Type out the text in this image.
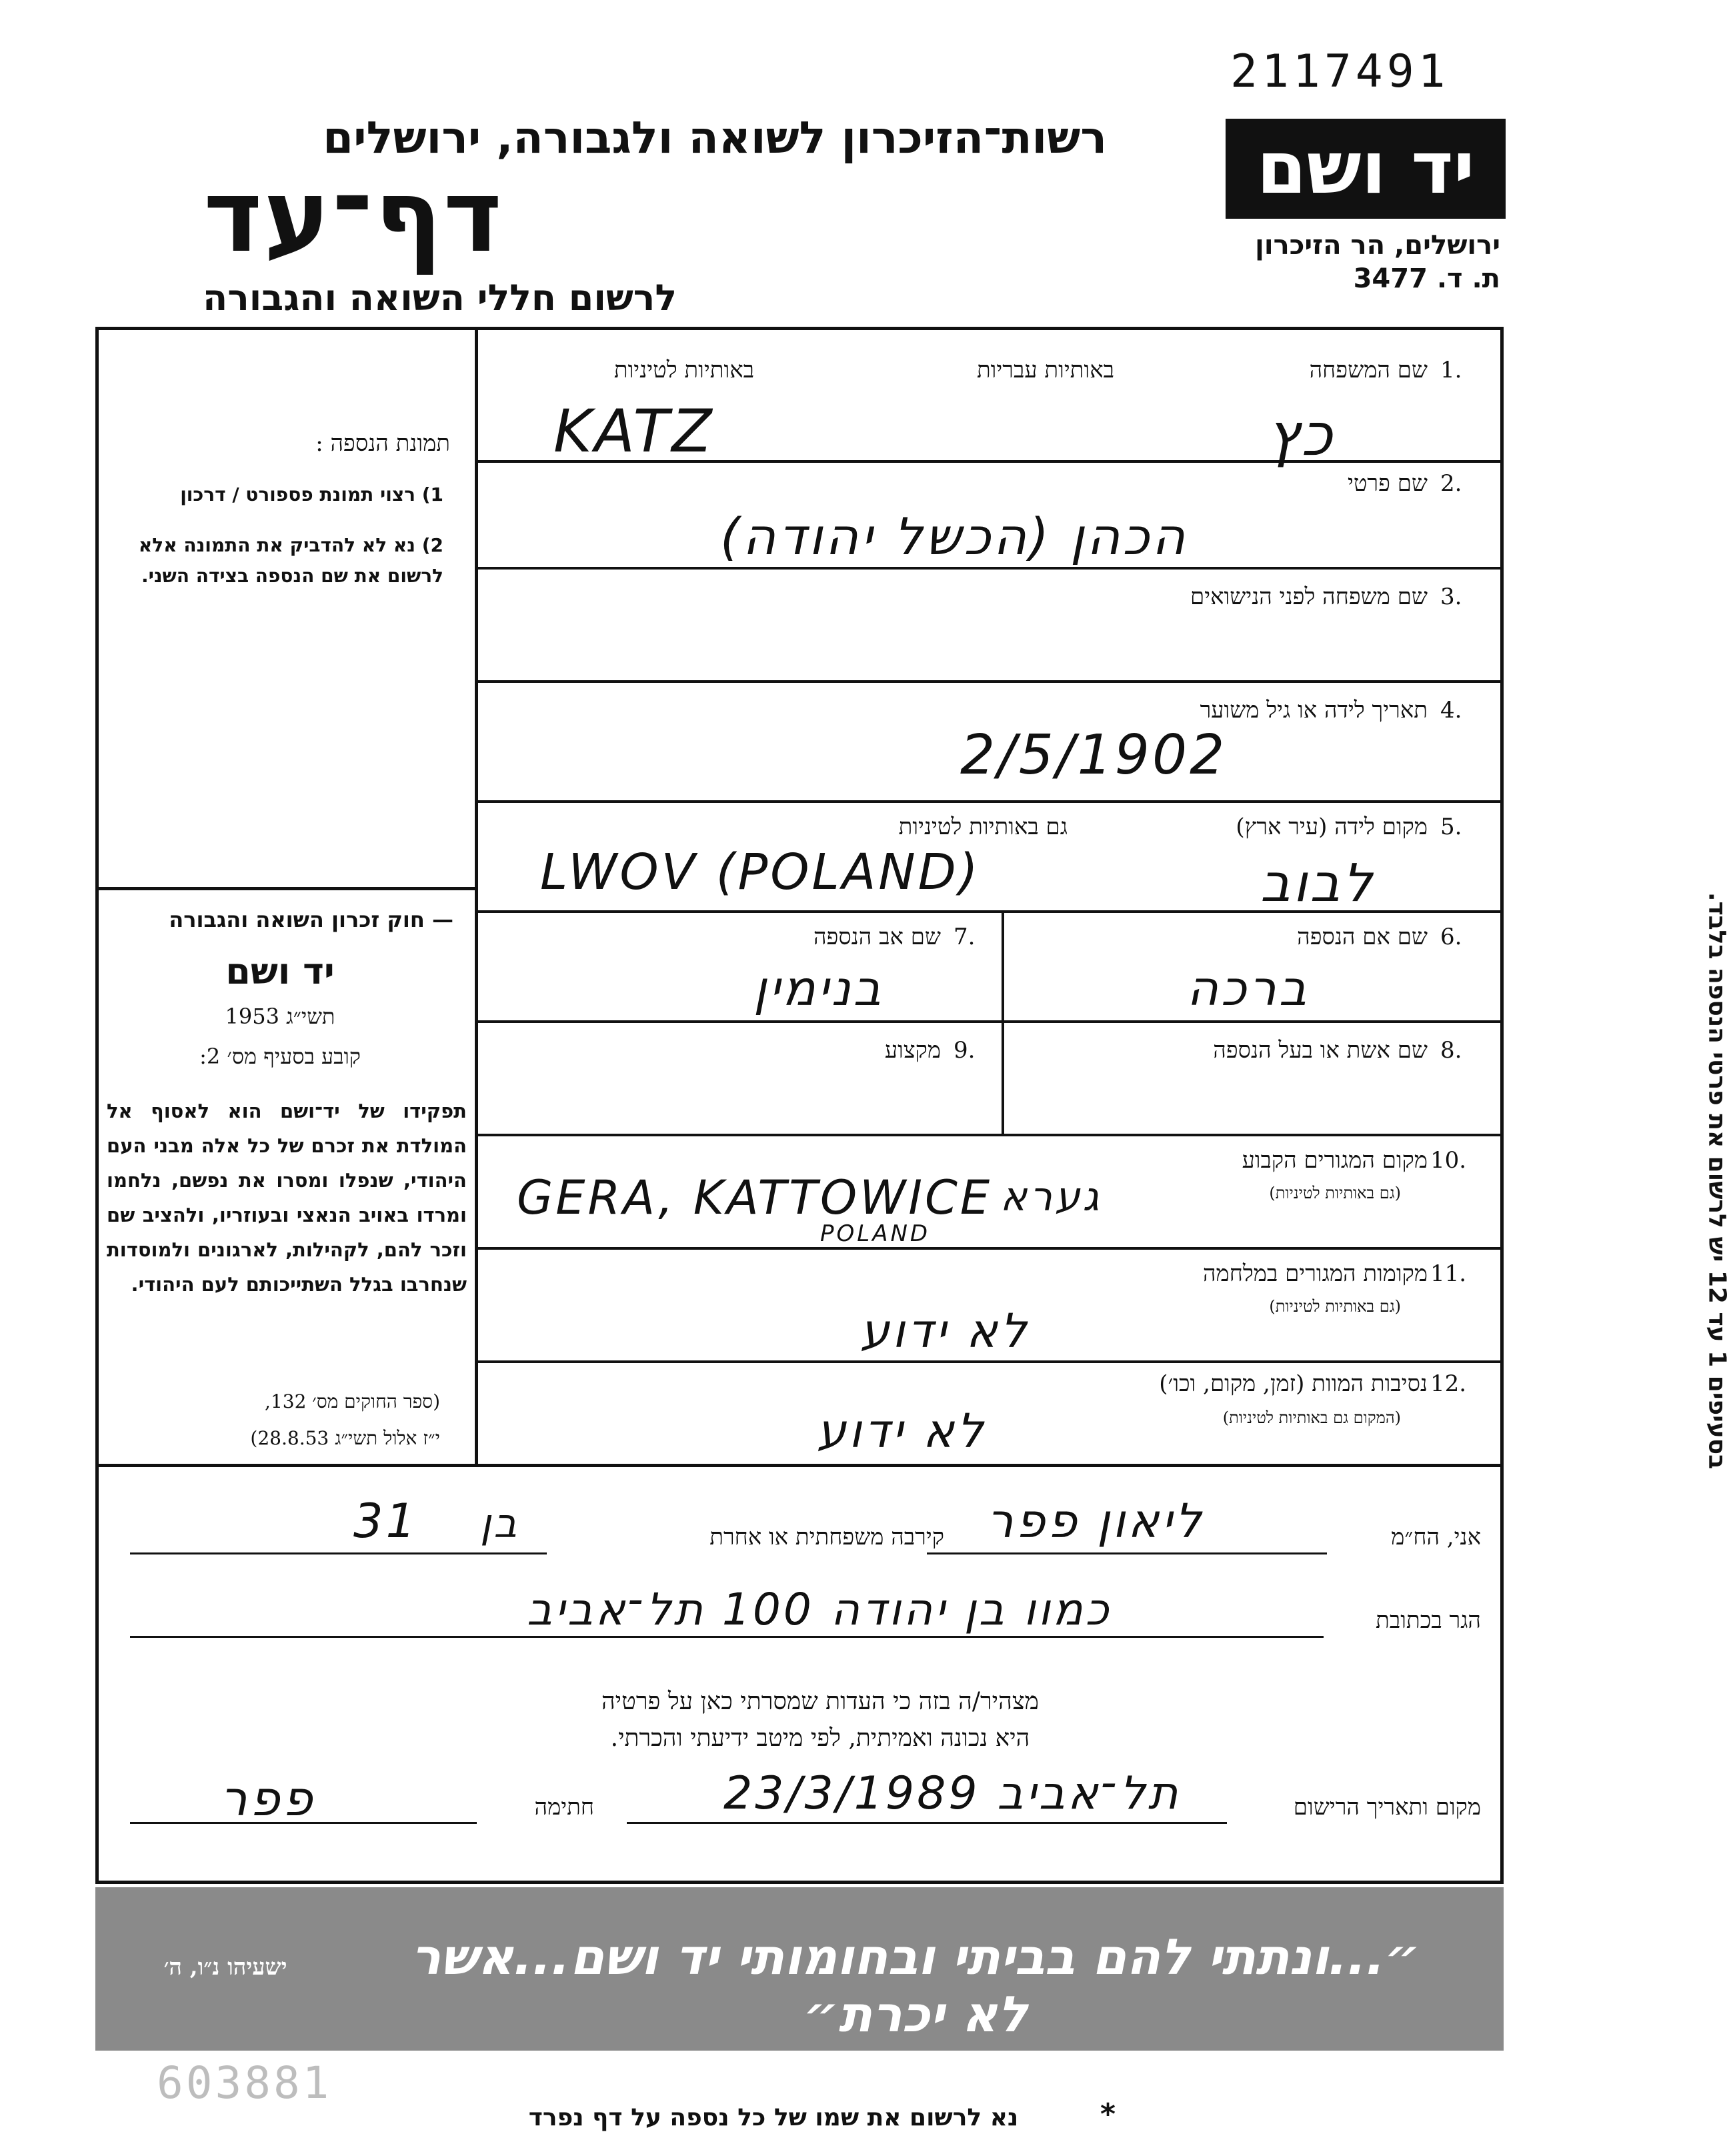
2117491
רשות־הזיכרון לשואה ולגבורה, ירושלים
דף־עד
לרשום חללי השואה והגבורה
יד ושם
ירושלים, הר הזיכרון
ת. ד. 3477
תמונת הנספה :
1) רצוי תמונת פספורט / דרכון
2) נא לא להדביק את התמונה אלא לרשום את שם הנספה בצידה השני.
— חוק זכרון השואה והגבורה
יד ושם
תשי״ג 1953
קובע בסעיף מס׳ 2:
תפקידו של יד־ושם הוא לאסוף אל המולדת את זכרם של כל אלה מבני העם היהודי, שנפלו ומסרו את נפשם, נלחמו ומרדו באויב הנאצי ובעוזריו, ולהציב שם וזכר להם, לקהילות, לארגונים ולמוסדות שנחרבו בגלל השתייכותם לעם היהודי.
(ספר החוקים מס׳ 132,
י״ז אלול תשי״ג 28.8.53)
1.
שם המשפחה
באותיות עבריות
באותיות לטיניות
KATZ	כץ
2.
שם פרטי
הכהן (הכשל יהודה)
3.
שם משפחה לפני הנישואים
4.
תאריך לידה או גיל משוער
2/5/1902
5.
מקום לידה (עיר ארץ)
גם באותיות לטיניות
LWOV (POLAND)	לבוב
6.
שם אם הנספה
ברכה
7.
שם אב הנספה
בנימין
8.
שם אשת או בעל הנספה
9.
מקצוע
10.
מקום המגורים הקבוע
(גם באותיות לטיניות)
GERA, KATTOWICE גערא
POLAND
11.
מקומות המגורים במלחמה
(גם באותיות לטיניות)
לא ידוע
12.
נסיבות המוות (זמן, מקום, וכו׳)
(המקום גם באותיות לטיניות)
לא ידוע
בסעיפים 1 עד 12 יש לרשום את פרטי הנספה בלבד.
אני, הח״מ
ליאון פפר
קירבה משפחתית או אחרת
31 בן
הגר בכתובת
כמוו בן יהודה 100 תל־אביב
מצהיר/ה בזה כי העדות שמסרתי כאן על פרטיה
היא נכונה ואמיתית, לפי מיטב ידיעתי והכרתי.
מקום ותאריך הרישום
תל־אביב 23/3/1989
חתימה
פפר
״...ונתתי להם בביתי ובחומותי יד ושם...אשר לא יכרת״
ישעיהו נ״ו, ה׳
603881
נא לרשום את שמו של כל נספה על דף נפרד	*
